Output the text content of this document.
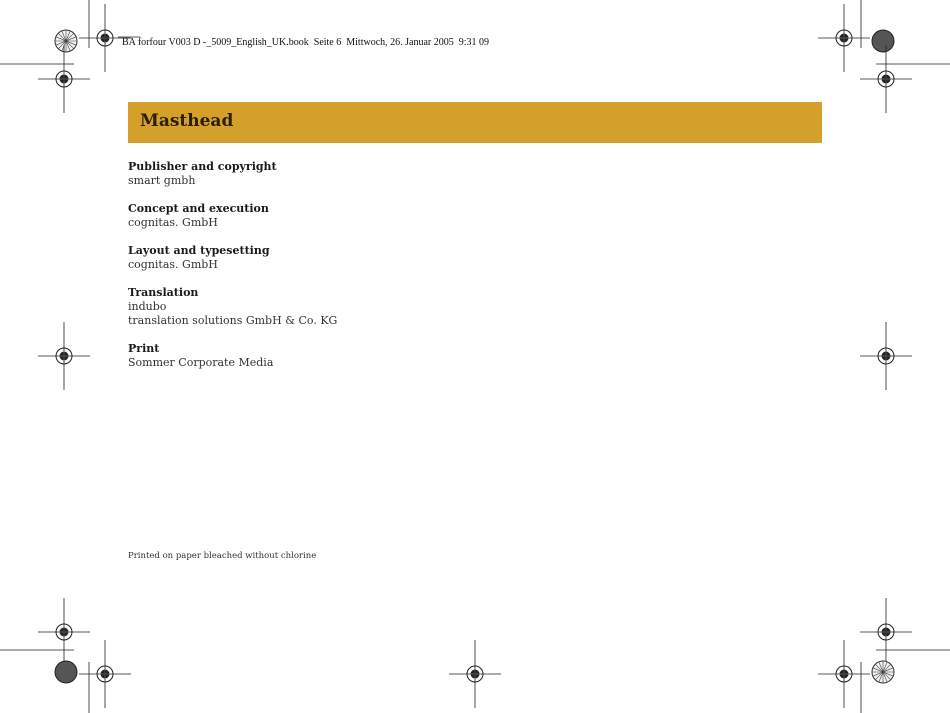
BA forfour V003 D -_5009_English_UK.book  Seite 6  Mittwoch, 26. Januar 2005  9:31 09
Masthead
Publisher and copyright
smart gmbh
Concept and execution
cognitas. GmbH
Layout and typesetting
cognitas. GmbH
Translation
indubo
translation solutions GmbH & Co. KG
Print
Sommer Corporate Media
Printed on paper bleached without chlorine
